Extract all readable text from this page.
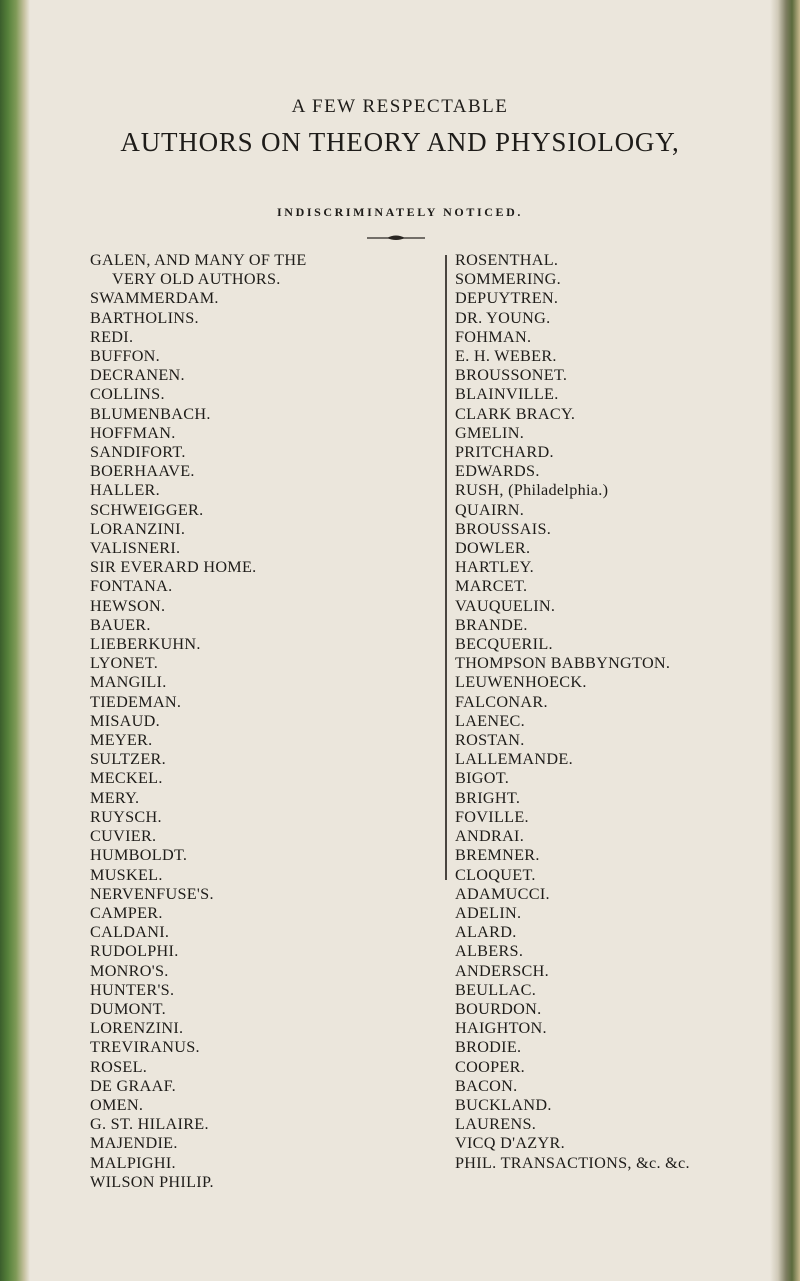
A FEW RESPECTABLE
AUTHORS ON THEORY AND PHYSIOLOGY,
INDISCRIMINATELY NOTICED.
GALEN, AND MANY OF THE
VERY OLD AUTHORS.
SWAMMERDAM.
BARTHOLINS.
REDI.
BUFFON.
DECRANEN.
COLLINS.
BLUMENBACH.
HOFFMAN.
SANDIFORT.
BOERHAAVE.
HALLER.
SCHWEIGGER.
LORANZINI.
VALISNERI.
SIR EVERARD HOME.
FONTANA.
HEWSON.
BAUER.
LIEBERKUHN.
LYONET.
MANGILI.
TIEDEMAN.
MISAUD.
MEYER.
SULTZER.
MECKEL.
MERY.
RUYSCH.
CUVIER.
HUMBOLDT.
MUSKEL.
NERVENFUSE'S.
CAMPER.
CALDANI.
RUDOLPHI.
MONRO'S.
HUNTER'S.
DUMONT.
LORENZINI.
TREVIRANUS.
ROSEL.
DE GRAAF.
OMEN.
G. ST. HILAIRE.
MAJENDIE.
MALPIGHI.
WILSON PHILIP.
ROSENTHAL.
SOMMERING.
DEPUYTREN.
DR. YOUNG.
FOHMAN.
E. H. WEBER.
BROUSSONET.
BLAINVILLE.
CLARK BRACY.
GMELIN.
PRITCHARD.
EDWARDS.
RUSH, (Philadelphia.)
QUAIRN.
BROUSSAIS.
DOWLER.
HARTLEY.
MARCET.
VAUQUELIN.
BRANDE.
BECQUERIL.
THOMPSON BABBYNGTON.
LEUWENHOECK.
FALCONAR.
LAENEC.
ROSTAN.
LALLEMANDE.
BIGOT.
BRIGHT.
FOVILLE.
ANDRAI.
BREMNER.
CLOQUET.
ADAMUCCI.
ADELIN.
ALARD.
ALBERS.
ANDERSCH.
BEULLAC.
BOURDON.
HAIGHTON.
BRODIE.
COOPER.
BACON.
BUCKLAND.
LAURENS.
VICQ D'AZYR.
PHIL. TRANSACTIONS, &c. &c.
